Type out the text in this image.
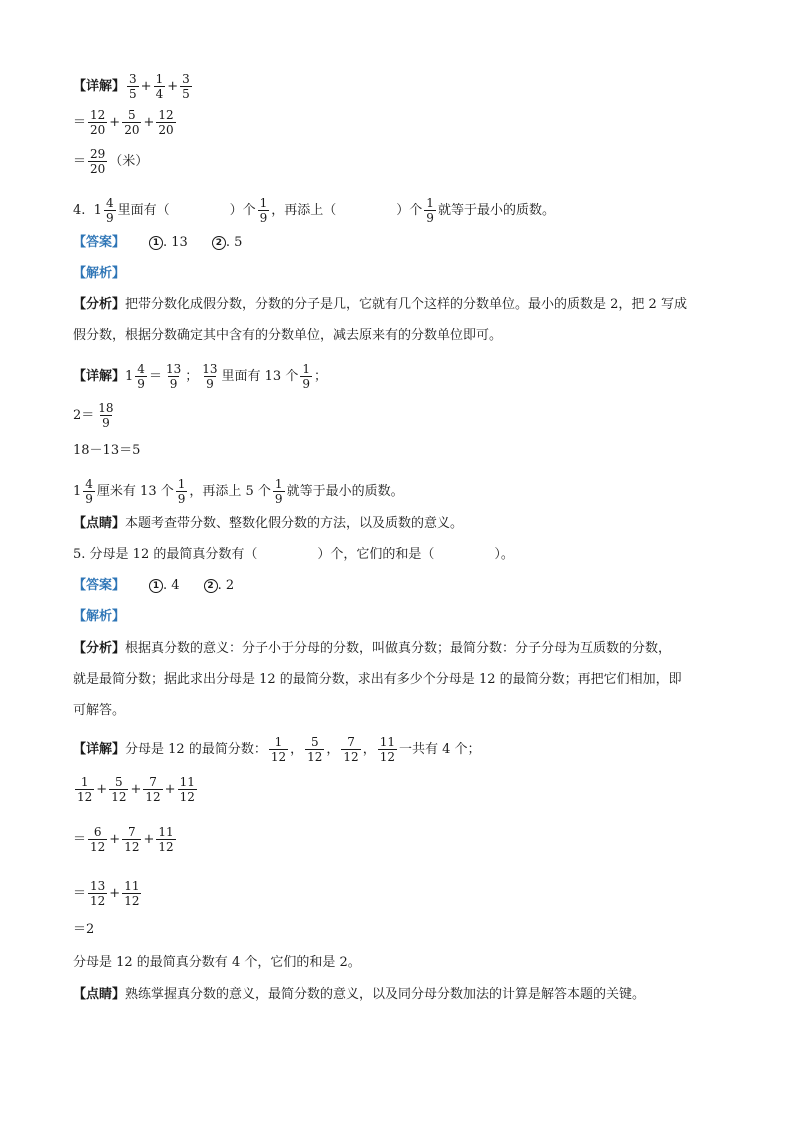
【详解】 $\frac{3}{5} + \frac{1}{4} + \frac{3}{5}$
＝ $\frac{12}{20} + \frac{5}{20} + \frac{12}{20}$
＝ $\frac{29}{20}$ （米）
4. $1 \frac{4}{9}$ 里面有（	）个 $\frac{1}{9}$ ，再添上（	）个 $\frac{1}{9}$ 就等于最小的质数。
【答案】	1 . 13	2 . 5
【解析】
【分析】把带分数化成假分数，分数的分子是几，它就有几个这样的分数单位。最小的质数是 2，把 2 写成
假分数，根据分数确定其中含有的分数单位，减去原来有的分数单位即可。
【详解】 $1 \frac{4}{9} = \frac{13}{9}$ ； $\frac{13}{9}$ 里面有 13 个 $\frac{1}{9}$ ；
$2= \frac{18}{9}$
18－13＝5
$1 \frac{4}{9}$ 厘米有 13 个 $\frac{1}{9}$ ，再添上 5 个 $\frac{1}{9}$ 就等于最小的质数。
【点睛】本题考查带分数、整数化假分数的方法，以及质数的意义。
5. 分母是 12 的最简真分数有（	）个，它们的和是（	）。
【答案】	1 . 4	2 . 2
【解析】
【分析】根据真分数的意义：分子小于分母的分数，叫做真分数；最简分数：分子分母为互质数的分数，
就是最简分数；据此求出分母是 12 的最简分数，求出有多少个分母是 12 的最简分数；再把它们相加，即
可解答。
【详解】分母是 12 的最简分数： $\frac{1}{12}$ ， $\frac{5}{12}$ ， $\frac{7}{12}$ ， $\frac{11}{12}$ 一共有 4 个；
$\frac{1}{12} + \frac{5}{12} + \frac{7}{12} + \frac{11}{12}$
＝ $\frac{6}{12} + \frac{7}{12} + \frac{11}{12}$
＝ $\frac{13}{12} + \frac{11}{12}$
＝2
分母是 12 的最简真分数有 4 个，它们的和是 2。
【点睛】熟练掌握真分数的意义，最简分数的意义，以及同分母分数加法的计算是解答本题的关键。
